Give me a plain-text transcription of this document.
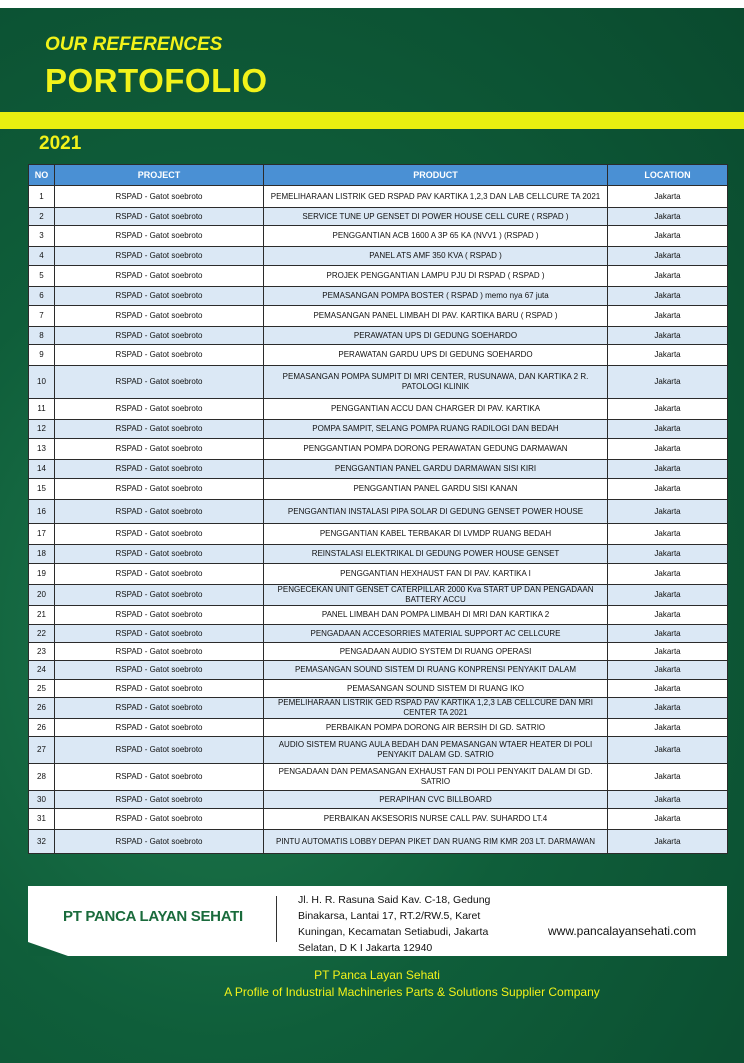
OUR REFERENCES
PORTOFOLIO
2021
NO	PROJECT	PRODUCT	LOCATION
1	RSPAD - Gatot soebroto	PEMELIHARAAN LISTRIK GED RSPAD PAV KARTIKA 1,2,3 DAN LAB CELLCURE TA 2021	Jakarta
2	RSPAD - Gatot soebroto	SERVICE TUNE UP GENSET DI POWER HOUSE CELL CURE ( RSPAD )	Jakarta
3	RSPAD - Gatot soebroto	PENGGANTIAN ACB 1600 A 3P 65 KA (NVV1 ) (RSPAD )	Jakarta
4	RSPAD - Gatot soebroto	PANEL ATS AMF 350 KVA ( RSPAD )	Jakarta
5	RSPAD - Gatot soebroto	PROJEK PENGGANTIAN LAMPU PJU DI RSPAD ( RSPAD )	Jakarta
6	RSPAD - Gatot soebroto	PEMASANGAN POMPA BOSTER ( RSPAD ) memo nya 67 juta	Jakarta
7	RSPAD - Gatot soebroto	PEMASANGAN PANEL LIMBAH DI PAV. KARTIKA BARU ( RSPAD )	Jakarta
8	RSPAD - Gatot soebroto	PERAWATAN UPS DI GEDUNG SOEHARDO	Jakarta
9	RSPAD - Gatot soebroto	PERAWATAN GARDU UPS DI GEDUNG SOEHARDO	Jakarta
10	RSPAD - Gatot soebroto	PEMASANGAN POMPA SUMPIT DI MRI CENTER, RUSUNAWA, DAN KARTIKA 2 R. PATOLOGI KLINIK	Jakarta
11	RSPAD - Gatot soebroto	PENGGANTIAN ACCU DAN CHARGER DI PAV. KARTIKA	Jakarta
12	RSPAD - Gatot soebroto	POMPA SAMPIT, SELANG POMPA RUANG RADILOGI DAN BEDAH	Jakarta
13	RSPAD - Gatot soebroto	PENGGANTIAN POMPA DORONG PERAWATAN GEDUNG DARMAWAN	Jakarta
14	RSPAD - Gatot soebroto	PENGGANTIAN PANEL GARDU DARMAWAN SISI KIRI	Jakarta
15	RSPAD - Gatot soebroto	PENGGANTIAN PANEL GARDU SISI KANAN	Jakarta
16	RSPAD - Gatot soebroto	PENGGANTIAN INSTALASI PIPA SOLAR DI GEDUNG GENSET POWER HOUSE	Jakarta
17	RSPAD - Gatot soebroto	PENGGANTIAN KABEL TERBAKAR DI LVMDP RUANG BEDAH	Jakarta
18	RSPAD - Gatot soebroto	REINSTALASI ELEKTRIKAL DI GEDUNG POWER HOUSE GENSET	Jakarta
19	RSPAD - Gatot soebroto	PENGGANTIAN HEXHAUST FAN DI PAV. KARTIKA I	Jakarta
20	RSPAD - Gatot soebroto	PENGECEKAN UNIT GENSET CATERPILLAR 2000 Kva START UP DAN PENGADAAN BATTERY ACCU	Jakarta
21	RSPAD - Gatot soebroto	PANEL LIMBAH DAN POMPA LIMBAH DI MRI DAN KARTIKA 2	Jakarta
22	RSPAD - Gatot soebroto	PENGADAAN ACCESORRIES MATERIAL SUPPORT AC CELLCURE	Jakarta
23	RSPAD - Gatot soebroto	PENGADAAN AUDIO SYSTEM DI RUANG OPERASI	Jakarta
24	RSPAD - Gatot soebroto	PEMASANGAN SOUND SISTEM DI RUANG KONPRENSI PENYAKIT DALAM	Jakarta
25	RSPAD - Gatot soebroto	PEMASANGAN SOUND SISTEM DI RUANG IKO	Jakarta
26	RSPAD - Gatot soebroto	PEMELIHARAAN LISTRIK GED RSPAD PAV KARTIKA 1,2,3 LAB CELLCURE DAN MRI CENTER TA 2021	Jakarta
26	RSPAD - Gatot soebroto	PERBAIKAN POMPA DORONG AIR BERSIH DI GD. SATRIO	Jakarta
27	RSPAD - Gatot soebroto	AUDIO SISTEM RUANG AULA BEDAH DAN PEMASANGAN WTAER HEATER DI POLI PENYAKIT DALAM GD. SATRIO	Jakarta
28	RSPAD - Gatot soebroto	PENGADAAN DAN PEMASANGAN EXHAUST FAN DI POLI PENYAKIT DALAM DI GD. SATRIO	Jakarta
30	RSPAD - Gatot soebroto	PERAPIHAN CVC BILLBOARD	Jakarta
31	RSPAD - Gatot soebroto	PERBAIKAN AKSESORIS NURSE CALL PAV. SUHARDO LT.4	Jakarta
32	RSPAD - Gatot soebroto	PINTU AUTOMATIS LOBBY DEPAN PIKET DAN RUANG RIM KMR 203 LT. DARMAWAN	Jakarta
PT PANCA LAYAN SEHATI
Jl. H. R. Rasuna Said Kav. C-18, Gedung
Binakarsa, Lantai 17, RT.2/RW.5, Karet
Kuningan, Kecamatan Setiabudi, Jakarta
Selatan, D K I Jakarta 12940
www.pancalayansehati.com
PT Panca Layan Sehati
A Profile of Industrial Machineries Parts & Solutions Supplier Company
